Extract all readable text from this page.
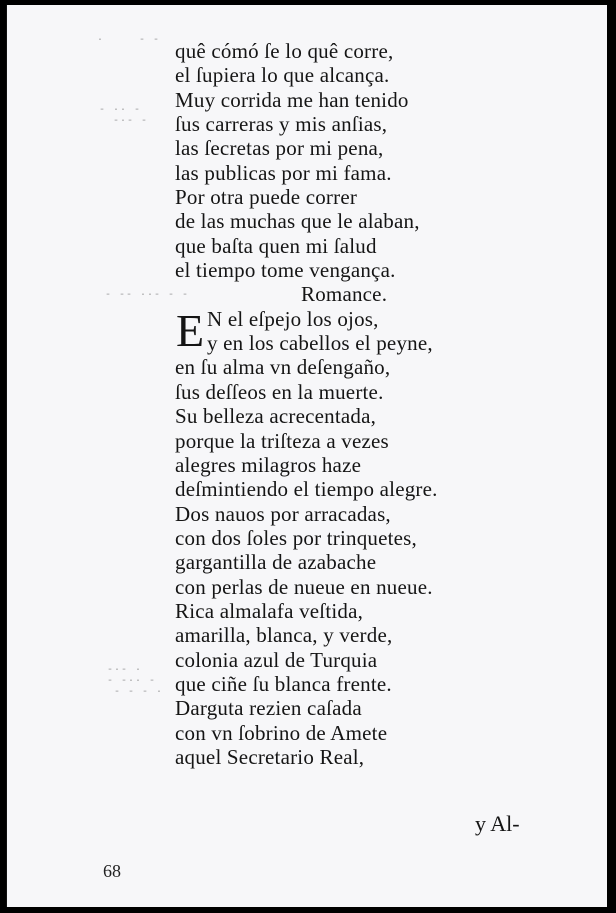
·     - -
- ·· -
-·- -
- -- ··- - -
-·- ·
- -·· -
- - - ·
quê cómó ſe lo quê corre,
el ſupiera lo que alcança.
Muy corrida me han tenido
ſus carreras y mis anſias,
las ſecretas por mi pena,
las publicas por mi fama.
Por otra puede correr
de las muchas que le alaban,
que baſta quen mi ſalud
el tiempo tome vengança.
Romance.
E N el eſpejo los ojos,
y en los cabellos el peyne,
en ſu alma vn deſengaño,
ſus deſſeos en la muerte.
Su belleza acrecentada,
porque la triſteza a vezes
alegres milagros haze
deſmintiendo el tiempo alegre.
Dos nauos por arracadas,
con dos ſoles por trinquetes,
gargantilla de azabache
con perlas de nueue en nueue.
Rica almalafa veſtida,
amarilla, blanca, y verde,
colonia azul de Turquia
que ciñe ſu blanca frente.
Darguta rezien caſada
con vn ſobrino de Amete
aquel Secretario Real,
y Al-
68
